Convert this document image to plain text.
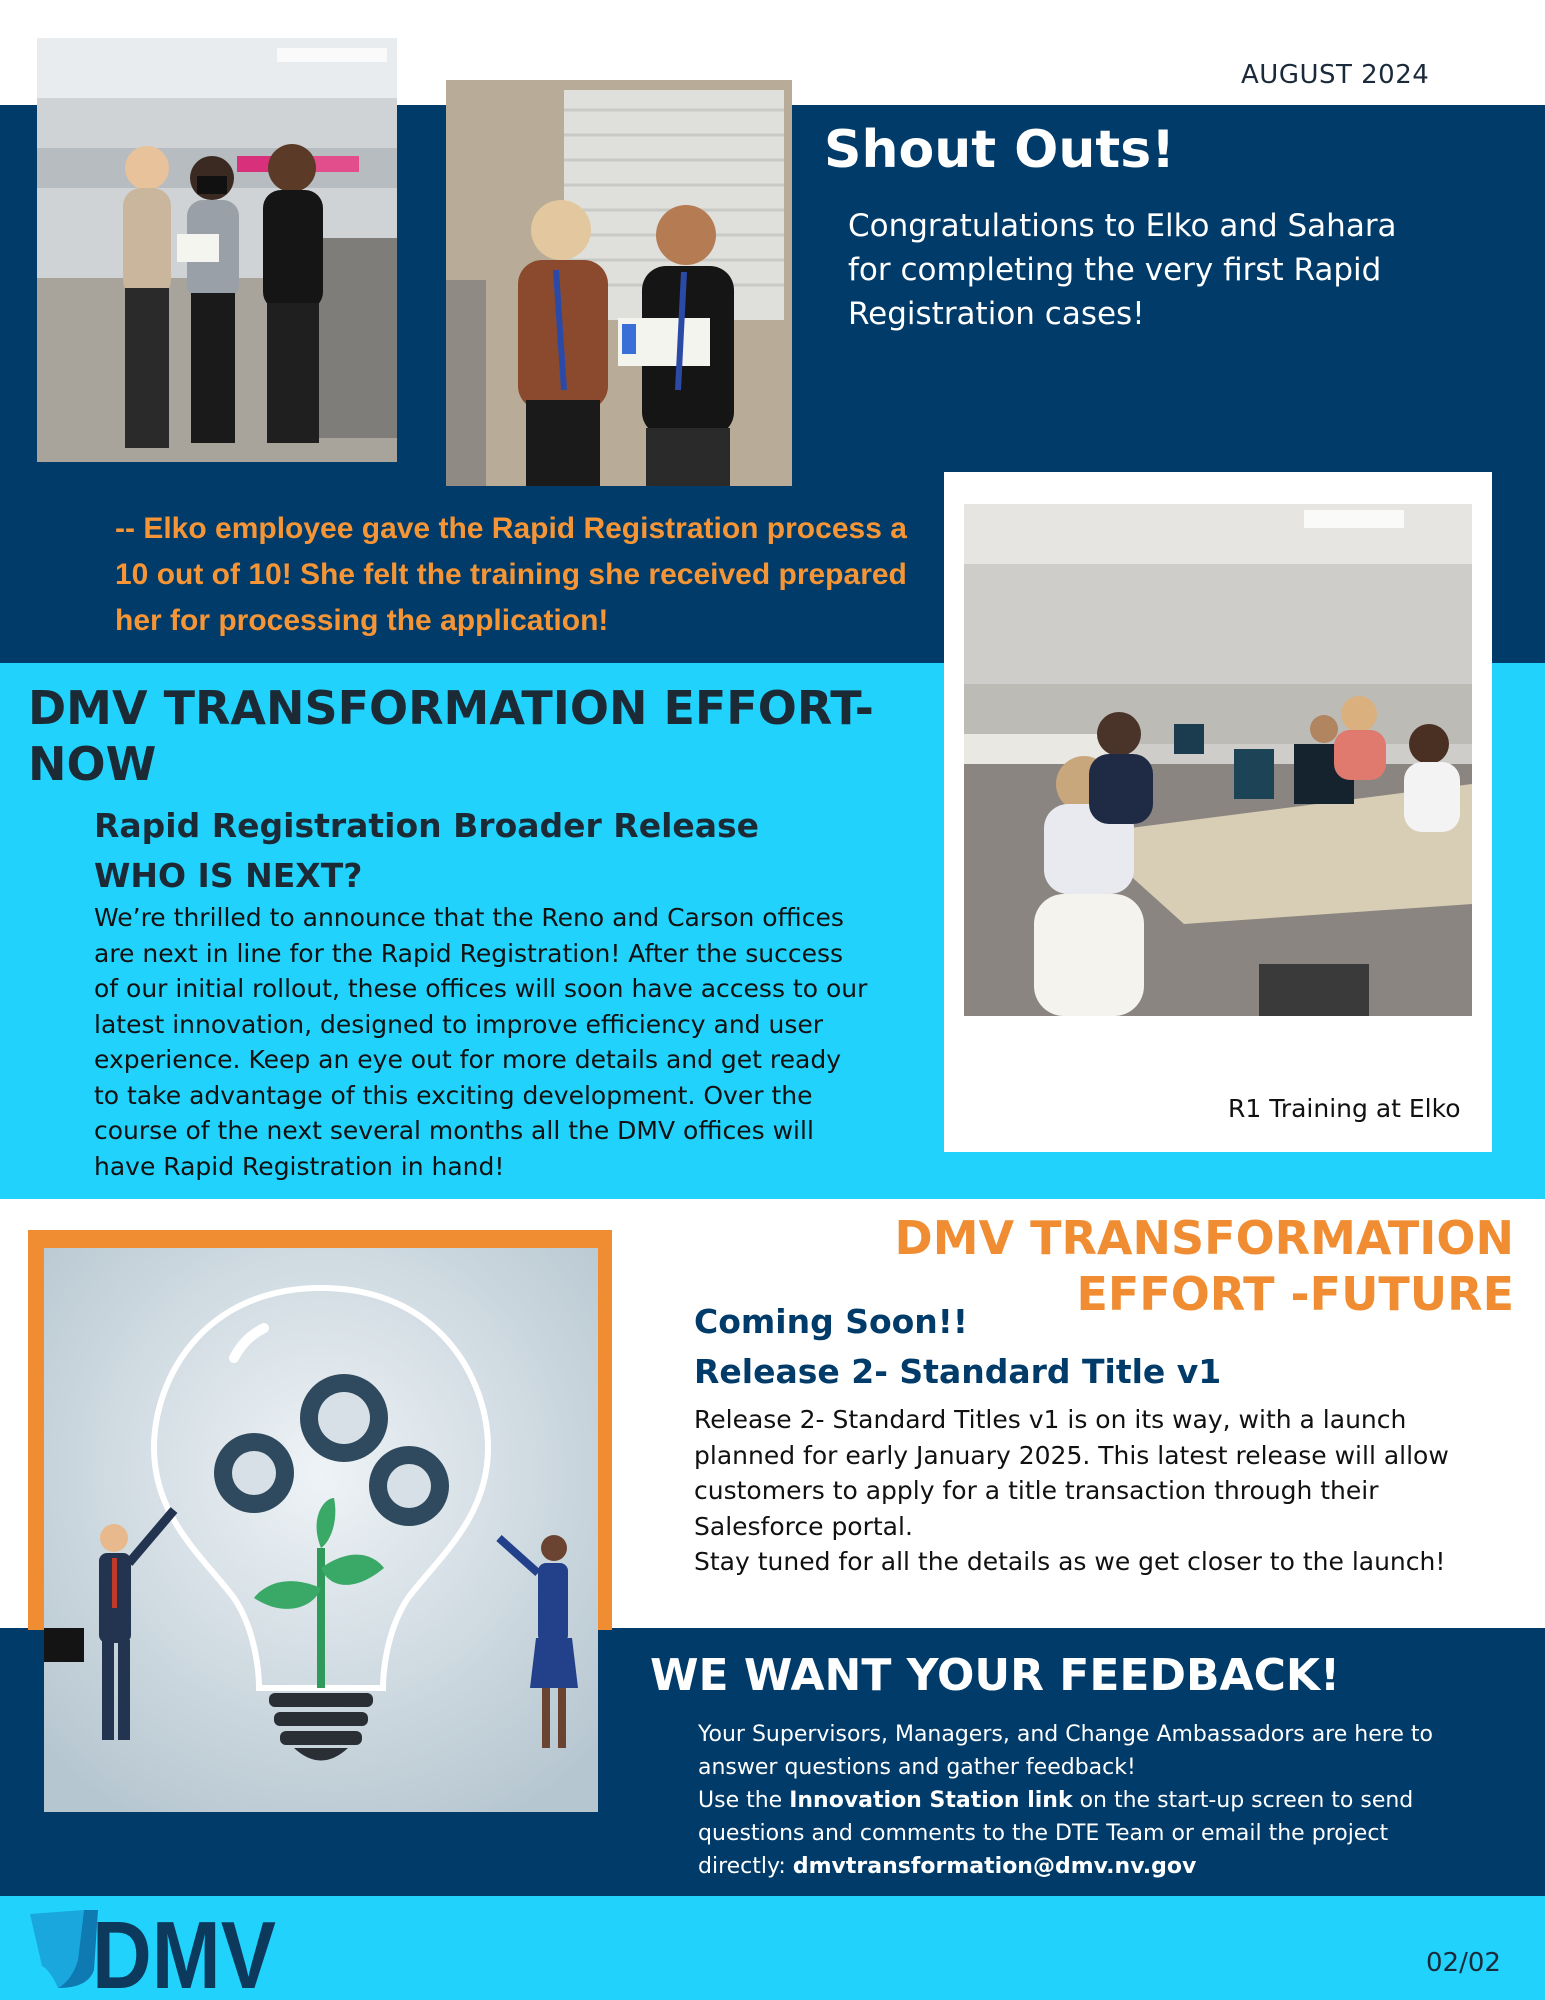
AUGUST 2024
Shout Outs!
Congratulations to Elko and Sahara for completing the very first Rapid Registration cases!
-- Elko employee gave the Rapid Registration process a 10 out of 10! She felt the training she received prepared her for processing the application!
DMV TRANSFORMATION EFFORT-NOW
Rapid Registration Broader Release
WHO IS NEXT?
We’re thrilled to announce that the Reno and Carson offices are next in line for the Rapid Registration! After the success of our initial rollout, these offices will soon have access to our latest innovation, designed to improve efficiency and user experience. Keep an eye out for more details and get ready to take advantage of this exciting development. Over the course of the next several months all the DMV offices will have Rapid Registration in hand!
R1 Training at Elko
DMV TRANSFORMATION EFFORT -FUTURE
Coming Soon!!
Release 2- Standard Title v1
Release 2- Standard Titles v1 is on its way, with a launch planned for early January 2025. This latest release will allow customers to apply for a title transaction through their Salesforce portal.
Stay tuned for all the details as we get closer to the launch!
WE WANT YOUR FEEDBACK!
Your Supervisors, Managers, and Change Ambassadors are here to answer questions and gather feedback!
Use the Innovation Station link on the start-up screen to send questions and comments to the DTE Team or email the project directly: dmvtransformation@dmv.nv.gov
DMV	02/02
